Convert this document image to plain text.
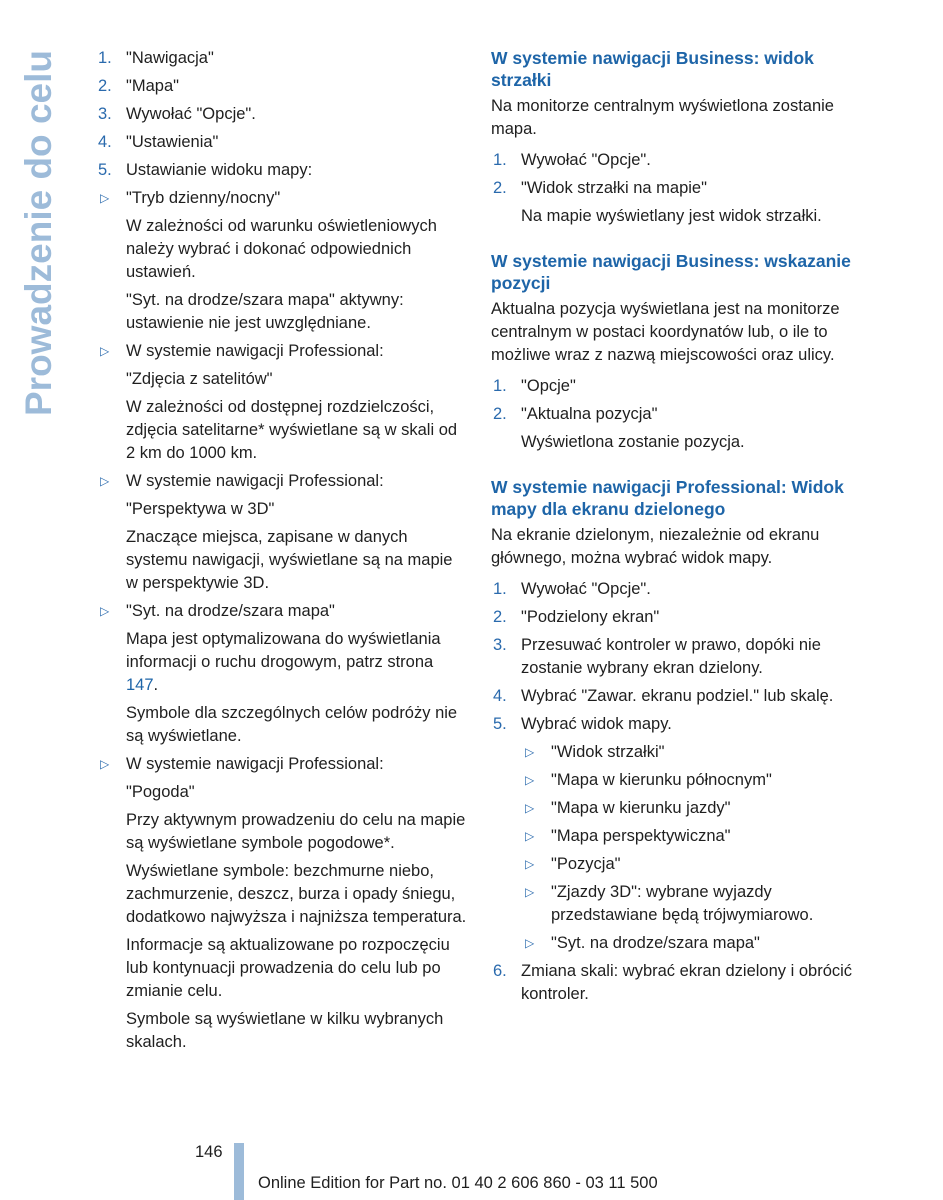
Prowadzenie do celu 1. "Nawigacja"
2. "Mapa"
3. Wywołać "Opcje".
4. "Ustawienia"
5. Ustawianie widoku mapy:
▷ "Tryb dzienny/nocny"
W zależności od warunku oświetleniowych należy wybrać i dokonać odpowiednich ustawień.
"Syt. na drodze/szara mapa" aktywny: ustawienie nie jest uwzględniane.
▷ W systemie nawigacji Professional:
"Zdjęcia z satelitów"
W zależności od dostępnej rozdzielczości, zdjęcia satelitarne* wyświetlane są w skali od 2 km do 1000 km.
▷ W systemie nawigacji Professional:
"Perspektywa w 3D"
Znaczące miejsca, zapisane w danych systemu nawigacji, wyświetlane są na mapie w perspektywie 3D.
▷ "Syt. na drodze/szara mapa"
Mapa jest optymalizowana do wyświetlania informacji o ruchu drogowym, patrz strona 147.
Symbole dla szczególnych celów podróży nie są wyświetlane.
▷ W systemie nawigacji Professional:
"Pogoda"
Przy aktywnym prowadzeniu do celu na mapie są wyświetlane symbole pogodowe*.
Wyświetlane symbole: bezchmurne niebo, zachmurzenie, deszcz, burza i opady śniegu, dodatkowo najwyższa i najniższa temperatura.
Informacje są aktualizowane po rozpoczęciu lub kontynuacji prowadzenia do celu lub po zmianie celu.
Symbole są wyświetlane w kilku wybranych skalach.
W systemie nawigacji Business: widok strzałki
Na monitorze centralnym wyświetlona zostanie mapa.
1. Wywołać "Opcje".
2. "Widok strzałki na mapie"
Na mapie wyświetlany jest widok strzałki.
W systemie nawigacji Business: wskazanie pozycji
Aktualna pozycja wyświetlana jest na monitorze centralnym w postaci koordynatów lub, o ile to możliwe wraz z nazwą miejscowości oraz ulicy.
1. "Opcje"
2. "Aktualna pozycja"
Wyświetlona zostanie pozycja.
W systemie nawigacji Professional: Widok mapy dla ekranu dzielonego
Na ekranie dzielonym, niezależnie od ekranu głównego, można wybrać widok mapy.
1. Wywołać "Opcje".
2. "Podzielony ekran"
3. Przesuwać kontroler w prawo, dopóki nie zostanie wybrany ekran dzielony.
4. Wybrać "Zawar. ekranu podziel." lub skalę.
5. Wybrać widok mapy.
▷ "Widok strzałki"
▷ "Mapa w kierunku północnym"
▷ "Mapa w kierunku jazdy"
▷ "Mapa perspektywiczna"
▷ "Pozycja"
▷ "Zjazdy 3D": wybrane wyjazdy przedstawiane będą trójwymiarowo.
▷ "Syt. na drodze/szara mapa"
6. Zmiana skali: wybrać ekran dzielony i obrócić kontroler.
146
Online Edition for Part no. 01 40 2 606 860 - 03 11 500
